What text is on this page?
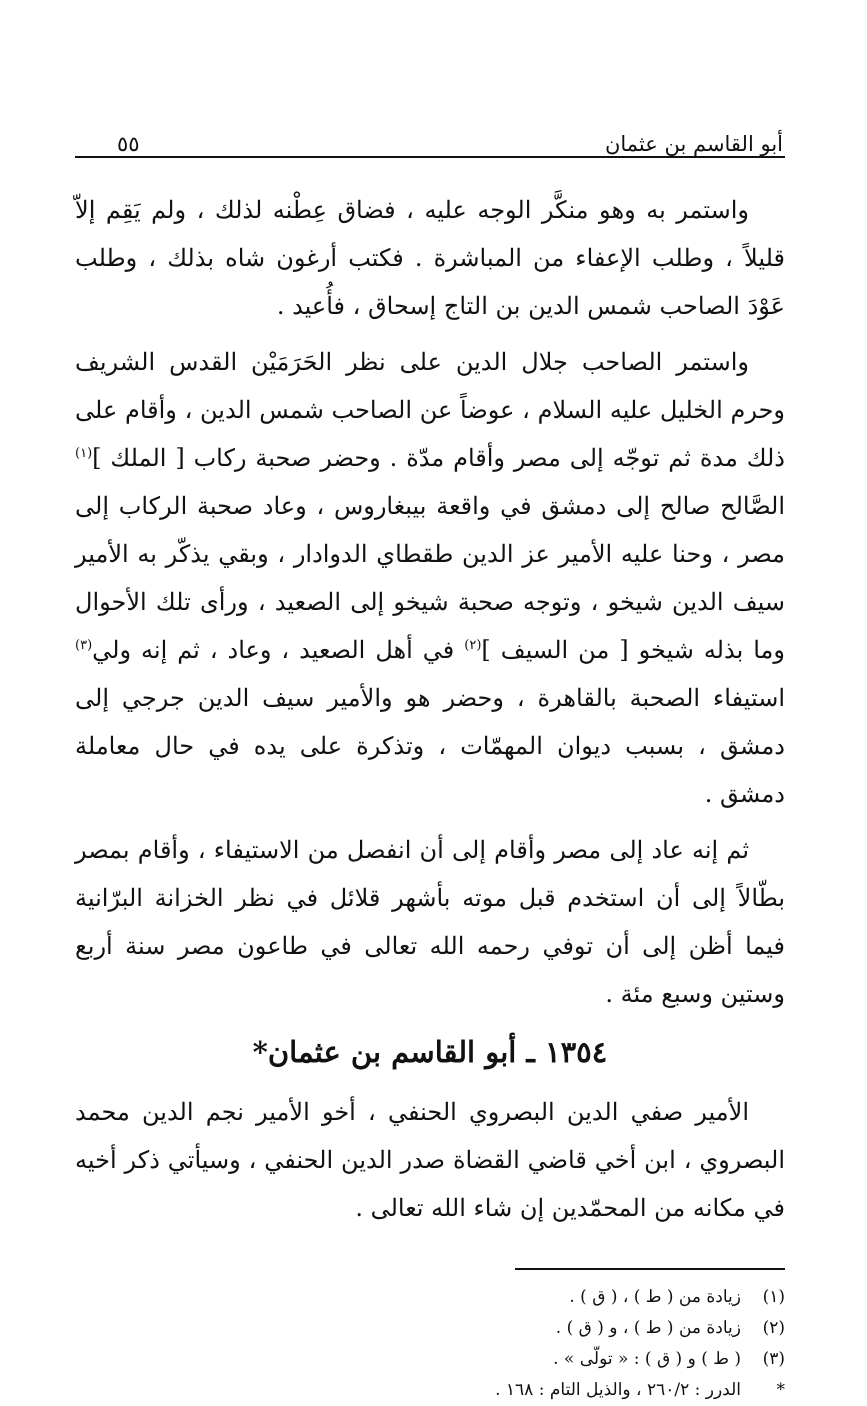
أبو القاسم بن عثمان
٥٥

واستمر به وهو منكَّر الوجه عليه ، فضاق عِطْنه لذلك ، ولم يَقِم إلاّ قليلاً ، وطلب الإعفاء من المباشرة . فكتب أرغون شاه بذلك ، وطلب عَوْدَ الصاحب شمس الدين بن التاج إسحاق ، فأُعيد .

واستمر الصاحب جلال الدين على نظر الحَرَمَيْن القدس الشريف وحرم الخليل عليه السلام ، عوضاً عن الصاحب شمس الدين ، وأقام على ذلك مدة ثم توجّه إلى مصر وأقام مدّة . وحضر صحبة ركاب [ الملك ]$^{(١)}$ الصَّالح صالح إلى دمشق في واقعة بيبغاروس ، وعاد صحبة الركاب إلى مصر ، وحنا عليه الأمير عز الدين طقطاي الدوادار ، وبقي يذكّر به الأمير سيف الدين شيخو ، وتوجه صحبة شيخو إلى الصعيد ، ورأى تلك الأحوال وما بذله شيخو [ من السيف ]$^{(٢)}$ في أهل الصعيد ، وعاد ، ثم إنه ولي$^{(٣)}$ استيفاء الصحبة بالقاهرة ، وحضر هو والأمير سيف الدين جرجي إلى دمشق ، بسبب ديوان المهمّات ، وتذكرة على يده في حال معاملة دمشق .

ثم إنه عاد إلى مصر وأقام إلى أن انفصل من الاستيفاء ، وأقام بمصر بطّالاً إلى أن استخدم قبل موته بأشهر قلائل في نظر الخزانة البرّانية فيما أظن إلى أن توفي رحمه الله تعالى في طاعون مصر سنة أربع وستين وسبع مئة .

١٣٥٤ ـ أبو القاسم بن عثمان*

الأمير صفي الدين البصروي الحنفي ، أخو الأمير نجم الدين محمد البصروي ، ابن أخي قاضي القضاة صدر الدين الحنفي ، وسيأتي ذكر أخيه في مكانه من المحمّدين إن شاء الله تعالى .

(١)
زيادة من ( ط ) ، ( ق ) .
(٢)
زيادة من ( ط ) ، و ( ق ) .
(٣)
( ط ) و ( ق ) : « تولّى » .
*
الدرر : ٢٦٠/٢ ، والذيل التام : ١٦٨ .
